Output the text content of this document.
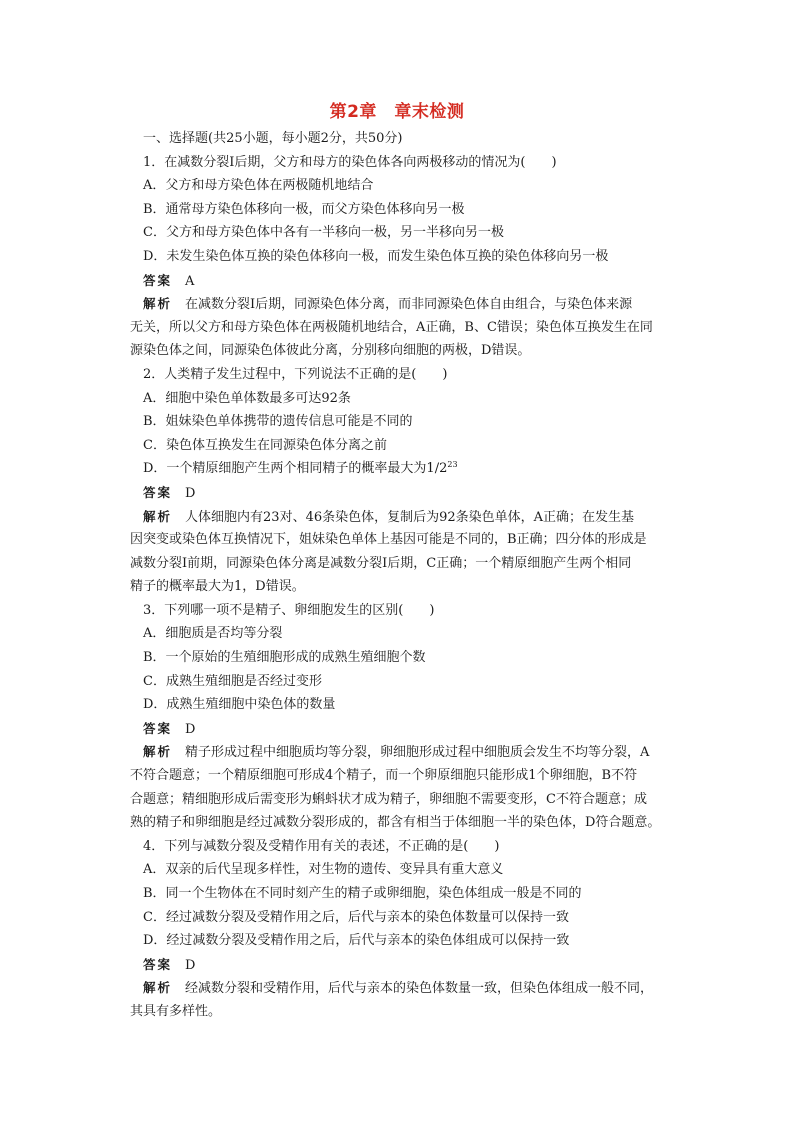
第2章　章末检测
一、选择题(共25小题，每小题2分，共50分)
1．在减数分裂Ⅰ后期，父方和母方的染色体各向两极移动的情况为(　　)
A．父方和母方染色体在两极随机地结合
B．通常母方染色体移向一极，而父方染色体移向另一极
C．父方和母方染色体中各有一半移向一极，另一半移向另一极
D．未发生染色体互换的染色体移向一极，而发生染色体互换的染色体移向另一极
答案　 A
解析　 在减数分裂Ⅰ后期，同源染色体分离，而非同源染色体自由组合，与染色体来源
无关，所以父方和母方染色体在两极随机地结合，A正确，B、C错误；染色体互换发生在同
源染色体之间，同源染色体彼此分离，分别移向细胞的两极，D错误。
2．人类精子发生过程中，下列说法不正确的是(　　)
A．细胞中染色单体数最多可达92条
B．姐妹染色单体携带的遗传信息可能是不同的
C．染色体互换发生在同源染色体分离之前
D．一个精原细胞产生两个相同精子的概率最大为$1/2^{23}$
答案　 D
解析　 人体细胞内有23对、46条染色体，复制后为92条染色单体，A正确；在发生基
因突变或染色体互换情况下，姐妹染色单体上基因可能是不同的，B正确；四分体的形成是
减数分裂Ⅰ前期，同源染色体分离是减数分裂Ⅰ后期，C正确；一个精原细胞产生两个相同
精子的概率最大为1，D错误。
3．下列哪一项不是精子、卵细胞发生的区别(　　)
A．细胞质是否均等分裂
B．一个原始的生殖细胞形成的成熟生殖细胞个数
C．成熟生殖细胞是否经过变形
D．成熟生殖细胞中染色体的数量
答案　 D
解析　 精子形成过程中细胞质均等分裂，卵细胞形成过程中细胞质会发生不均等分裂，A
不符合题意；一个精原细胞可形成4个精子，而一个卵原细胞只能形成1个卵细胞，B不符
合题意；精细胞形成后需变形为蝌蚪状才成为精子，卵细胞不需要变形，C不符合题意；成
熟的精子和卵细胞是经过减数分裂形成的，都含有相当于体细胞一半的染色体，D符合题意。
4．下列与减数分裂及受精作用有关的表述，不正确的是(　　)
A．双亲的后代呈现多样性，对生物的遗传、变异具有重大意义
B．同一个生物体在不同时刻产生的精子或卵细胞，染色体组成一般是不同的
C．经过减数分裂及受精作用之后，后代与亲本的染色体数量可以保持一致
D．经过减数分裂及受精作用之后，后代与亲本的染色体组成可以保持一致
答案　 D
解析　 经减数分裂和受精作用，后代与亲本的染色体数量一致，但染色体组成一般不同，
其具有多样性。
